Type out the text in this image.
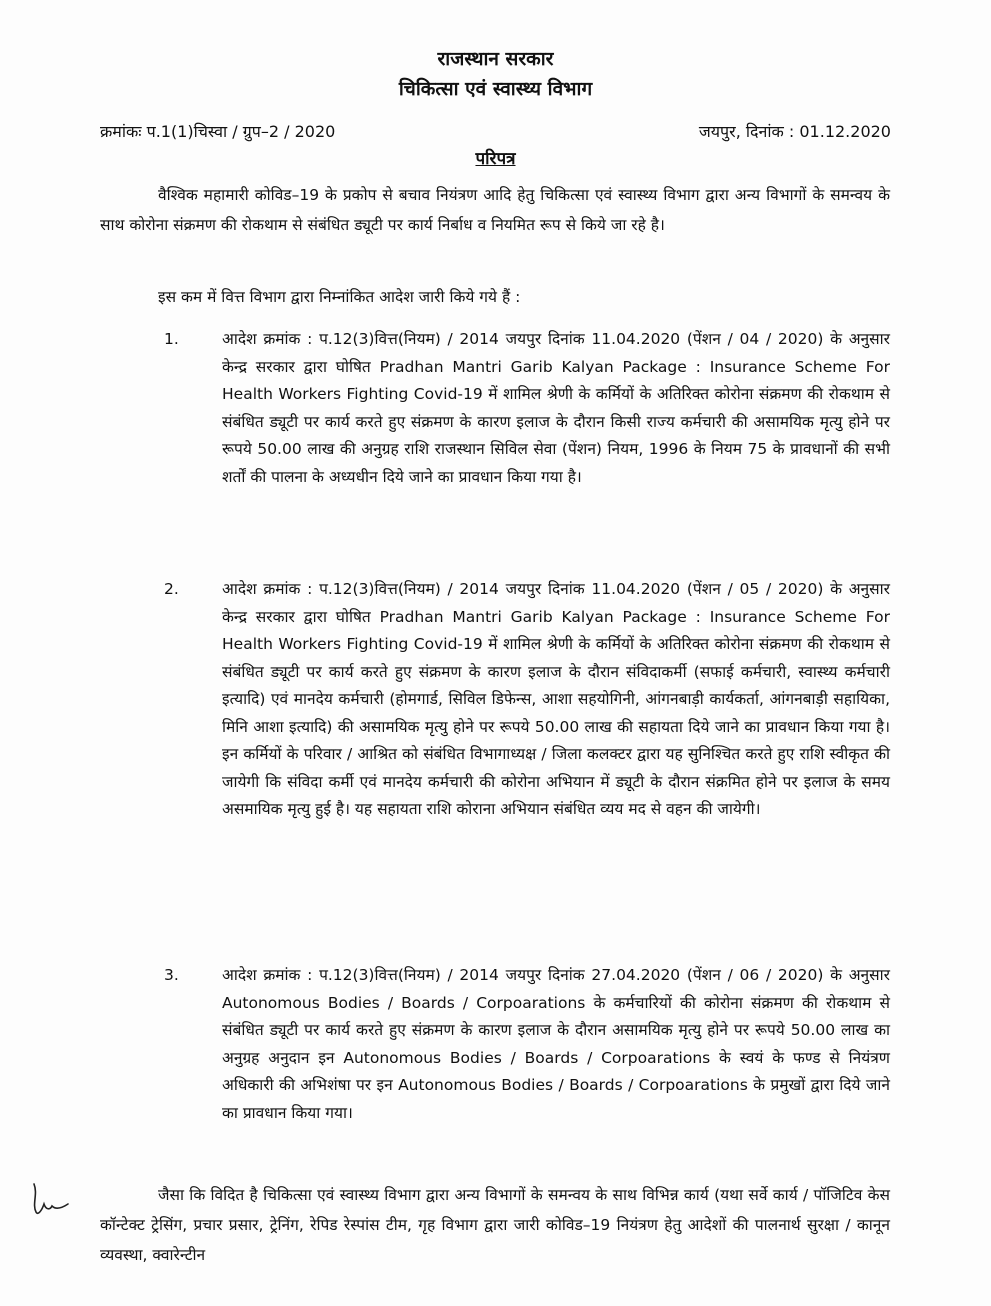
राजस्थान सरकार
चिकित्सा एवं स्वास्थ्य विभाग
क्रमांकः प.1(1)चिस्वा / ग्रुप–2 / 2020	जयपुर, दिनांक : 01.12.2020
परिपत्र
वैश्विक महामारी कोविड–19 के प्रकोप से बचाव नियंत्रण आदि हेतु चिकित्सा एवं स्वास्थ्य विभाग द्वारा अन्य विभागों के समन्वय के साथ कोरोना संक्रमण की रोकथाम से संबंधित ड्यूटी पर कार्य निर्बाध व नियमित रूप से किये जा रहे है।
इस कम में वित्त विभाग द्वारा निम्नांकित आदेश जारी किये गये हैं :
1.	आदेश क्रमांक : प.12(3)वित्त(नियम) / 2014 जयपुर दिनांक 11.04.2020 (पेंशन / 04 / 2020) के अनुसार केन्द्र सरकार द्वारा घोषित Pradhan Mantri Garib Kalyan Package : Insurance Scheme For Health Workers Fighting Covid-19 में शामिल श्रेणी के कर्मियों के अतिरिक्त कोरोना संक्रमण की रोकथाम से संबंधित ड्यूटी पर कार्य करते हुए संक्रमण के कारण इलाज के दौरान किसी राज्य कर्मचारी की असामयिक मृत्यु होने पर रूपये 50.00 लाख की अनुग्रह राशि राजस्थान सिविल सेवा (पेंशन) नियम, 1996 के नियम 75 के प्रावधानों की सभी शर्तों की पालना के अध्यधीन दिये जाने का प्रावधान किया गया है।
2.	आदेश क्रमांक : प.12(3)वित्त(नियम) / 2014 जयपुर दिनांक 11.04.2020 (पेंशन / 05 / 2020) के अनुसार केन्द्र सरकार द्वारा घोषित Pradhan Mantri Garib Kalyan Package : Insurance Scheme For Health Workers Fighting Covid-19 में शामिल श्रेणी के कर्मियों के अतिरिक्त कोरोना संक्रमण की रोकथाम से संबंधित ड्यूटी पर कार्य करते हुए संक्रमण के कारण इलाज के दौरान संविदाकर्मी (सफाई कर्मचारी, स्वास्थ्य कर्मचारी इत्यादि) एवं मानदेय कर्मचारी (होमगार्ड, सिविल डिफेन्स, आशा सहयोगिनी, आंगनबाड़ी कार्यकर्ता, आंगनबाड़ी सहायिका, मिनि आशा इत्यादि) की असामयिक मृत्यु होने पर रूपये 50.00 लाख की सहायता दिये जाने का प्रावधान किया गया है। इन कर्मियों के परिवार / आश्रित को संबंधित विभागाध्यक्ष / जिला कलक्टर द्वारा यह सुनिश्चित करते हुए राशि स्वीकृत की जायेगी कि संविदा कर्मी एवं मानदेय कर्मचारी की कोरोना अभियान में ड्यूटी के दौरान संक्रमित होने पर इलाज के समय असमायिक मृत्यु हुई है। यह सहायता राशि कोराना अभियान संबंधित व्यय मद से वहन की जायेगी।
3.	आदेश क्रमांक : प.12(3)वित्त(नियम) / 2014 जयपुर दिनांक 27.04.2020 (पेंशन / 06 / 2020) के अनुसार Autonomous Bodies / Boards / Corpoarations के कर्मचारियों की कोरोना संक्रमण की रोकथाम से संबंधित ड्यूटी पर कार्य करते हुए संक्रमण के कारण इलाज के दौरान असामयिक मृत्यु होने पर रूपये 50.00 लाख का अनुग्रह अनुदान इन Autonomous Bodies / Boards / Corpoarations के स्वयं के फण्ड से नियंत्रण अधिकारी की अभिशंषा पर इन Autonomous Bodies / Boards / Corpoarations के प्रमुखों द्वारा दिये जाने का प्रावधान किया गया।
जैसा कि विदित है चिकित्सा एवं स्वास्थ्य विभाग द्वारा अन्य विभागों के समन्वय के साथ विभिन्न कार्य (यथा सर्वे कार्य / पॉजिटिव केस कॉन्टेक्ट ट्रेसिंग, प्रचार प्रसार, ट्रेनिंग, रेपिड रेस्पांस टीम, गृह विभाग द्वारा जारी कोविड–19 नियंत्रण हेतु आदेशों की पालनार्थ सुरक्षा / कानून व्यवस्था, क्वारेन्टीन
